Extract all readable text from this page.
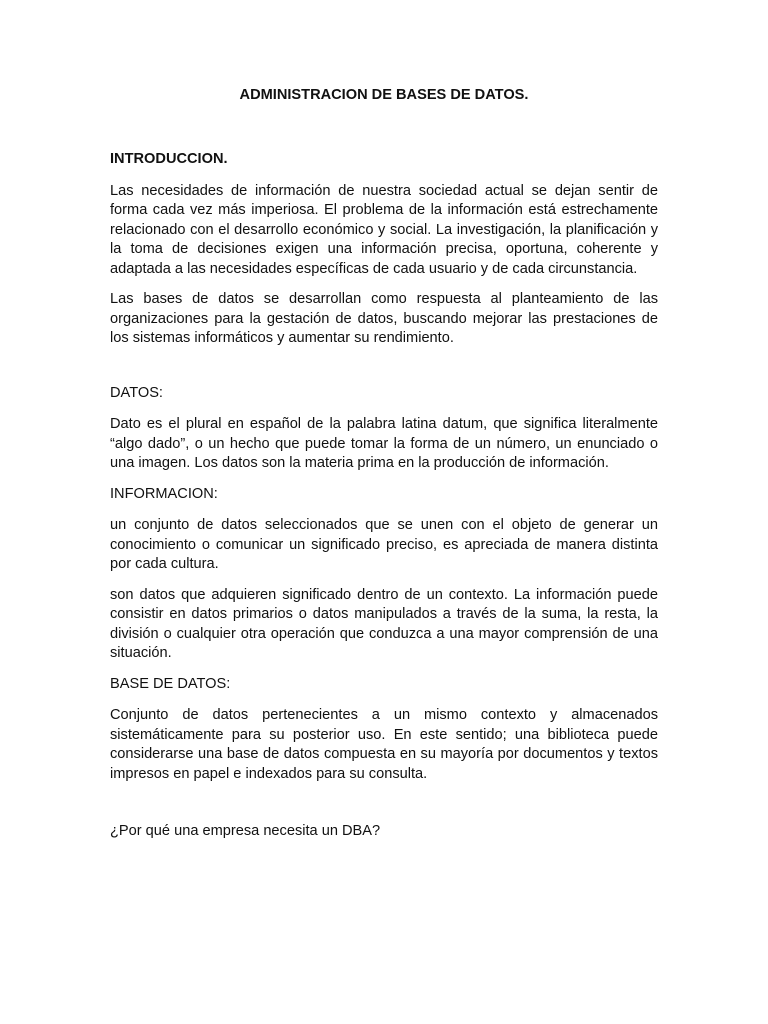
ADMINISTRACION DE BASES DE DATOS.
INTRODUCCION.

Las necesidades de información de nuestra sociedad actual se dejan sentir de forma cada vez más imperiosa. El problema de la información está estrechamente relacionado con el desarrollo económico y social. La investigación, la planificación y la toma de decisiones exigen una información precisa, oportuna, coherente y adaptada a las necesidades específicas de cada usuario y de cada circunstancia.

Las bases de datos se desarrollan como respuesta al planteamiento de las organizaciones para la gestación de datos, buscando mejorar las prestaciones de los sistemas informáticos y aumentar su rendimiento.

DATOS:

Dato es el plural en español de la palabra latina datum, que significa literalmente “algo dado”, o un hecho que puede tomar la forma de un número, un enunciado o una imagen. Los datos son la materia prima en la producción de información.

INFORMACION:

un conjunto de datos seleccionados que se unen con el objeto de generar un conocimiento o comunicar un significado preciso, es apreciada de manera distinta por cada cultura.

son datos que adquieren significado dentro de un contexto. La información puede consistir en datos primarios o datos manipulados a través de la suma, la resta, la división o cualquier otra operación que conduzca a una mayor comprensión de una situación.

BASE DE DATOS:

Conjunto de datos pertenecientes a un mismo contexto y almacenados sistemáticamente para su posterior uso. En este sentido; una biblioteca puede considerarse una base de datos compuesta en su mayoría por documentos y textos impresos en papel e indexados para su consulta.

¿Por qué una empresa necesita un DBA?
